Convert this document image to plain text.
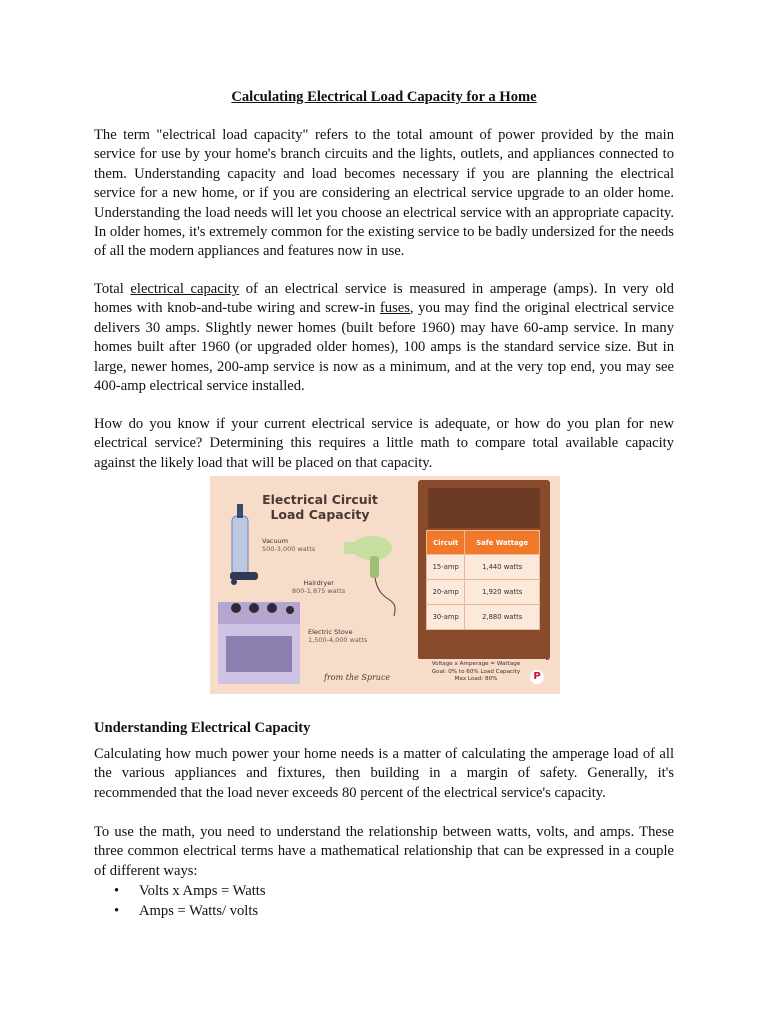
Calculating Electrical Load Capacity for a Home

The term "electrical load capacity" refers to the total amount of power provided by the main service for use by your home's branch circuits and the lights, outlets, and appliances connected to them. Understanding capacity and load becomes necessary if you are planning the electrical service for a new home, or if you are considering an electrical service upgrade to an older home. Understanding the load needs will let you choose an electrical service with an appropriate capacity. In older homes, it's extremely common for the existing service to be badly undersized for the needs of all the modern appliances and features now in use.

Total electrical capacity of an electrical service is measured in amperage (amps). In very old homes with knob-and-tube wiring and screw-in fuses, you may find the original electrical service delivers 30 amps. Slightly newer homes (built before 1960) may have 60-amp service. In many homes built after 1960 (or upgraded older homes), 100 amps is the standard service size. But in large, newer homes, 200-amp service is now as a minimum, and at the very top end, you may see 400-amp electrical service installed.

How do you know if your current electrical service is adequate, or how do you plan for new electrical service? Determining this requires a little math to compare total available capacity against the likely load that will be placed on that capacity.

Electrical Circuit Load Capacity
Vacuum
500-3,000 watts
Hairdryer
800-1,875 watts
Electric Stove
1,500-4,000 watts
from the Spruce
Circuit	Safe Wattage
15-amp	1,440 watts
20-amp	1,920 watts
30-amp	2,880 watts
Voltage x Amperage = Wattage
Goal: 0% to 60% Load Capacity
Max Load: 80%	P
Understanding Electrical Capacity

Calculating how much power your home needs is a matter of calculating the amperage load of all the various appliances and fixtures, then building in a margin of safety. Generally, it's recommended that the load never exceeds 80 percent of the electrical service's capacity.

To use the math, you need to understand the relationship between watts, volts, and amps. These three common electrical terms have a mathematical relationship that can be expressed in a couple of different ways:

• Volts x Amps = Watts
• Amps = Watts/ volts
